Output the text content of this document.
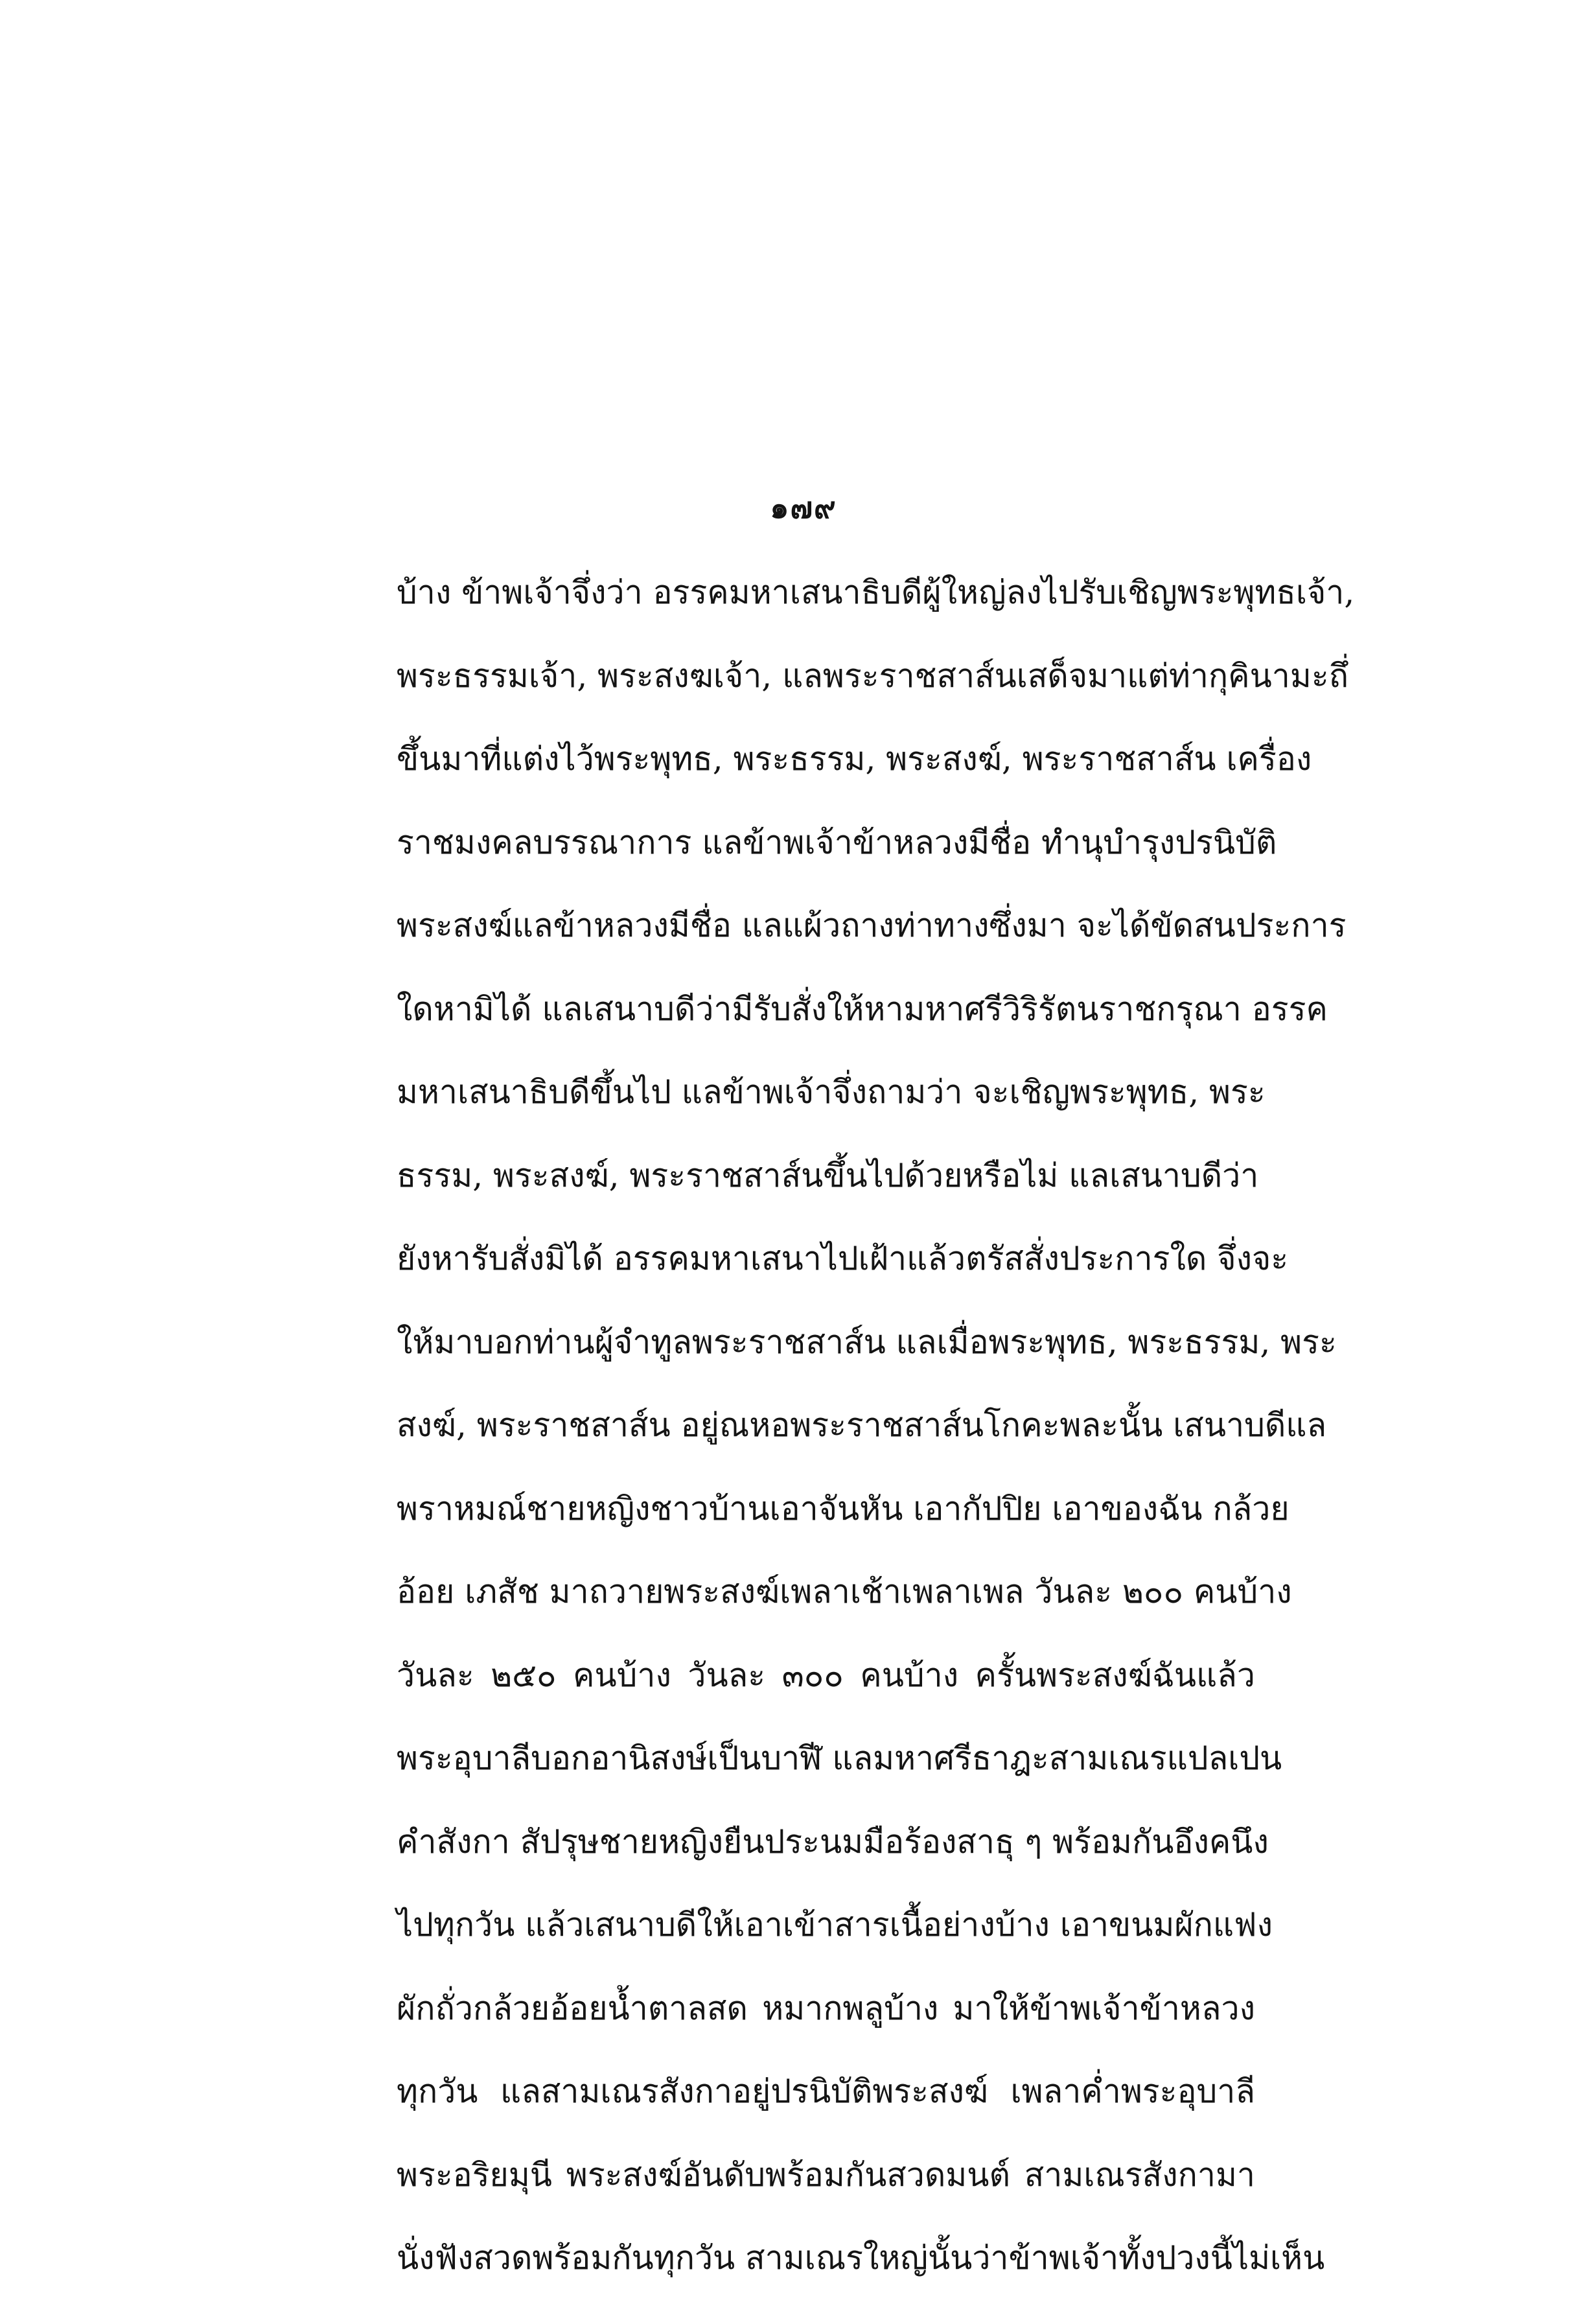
๑๗๙
บ้าง ข้าพเจ้าจึ่งว่า อรรคมหาเสนาธิบดีผู้ใหญ่ลงไปรับเชิญพระพุทธเจ้า,
พระธรรมเจ้า, พระสงฆเจ้า, แลพระราชสาส์นเสด็จมาแต่ท่ากุคินามะถึ่
ขึ้นมาที่แต่งไว้พระพุทธ, พระธรรม, พระสงฆ์, พระราชสาส์น เครื่อง
ราชมงคลบรรณาการ แลข้าพเจ้าข้าหลวงมีชื่อ ทำนุบำรุงปรนิบัติ
พระสงฆ์แลข้าหลวงมีชื่อ แลแผ้วถางท่าทางซึ่งมา จะได้ขัดสนประการ
ใดหามิได้ แลเสนาบดีว่ามีรับสั่งให้หามหาศรีวิริรัตนราชกรุณา อรรค
มหาเสนาธิบดีขึ้นไป แลข้าพเจ้าจึ่งถามว่า จะเชิญพระพุทธ, พระ
ธรรม, พระสงฆ์, พระราชสาส์นขึ้นไปด้วยหรือไม่ แลเสนาบดีว่า
ยังหารับสั่งมิได้ อรรคมหาเสนาไปเฝ้าแล้วตรัสสั่งประการใด จึ่งจะ
ให้มาบอกท่านผู้จำทูลพระราชสาส์น แลเมื่อพระพุทธ, พระธรรม, พระ
สงฆ์, พระราชสาส์น อยู่ณหอพระราชสาส์นโกคะพละนั้น เสนาบดีแล
พราหมณ์ชายหญิงชาวบ้านเอาจันหัน เอากัปปิย เอาของฉัน กล้วย
อ้อย เภสัช มาถวายพระสงฆ์เพลาเช้าเพลาเพล วันละ ๒๐๐ คนบ้าง
วันละ ๒๕๐ คนบ้าง วันละ ๓๐๐ คนบ้าง ครั้นพระสงฆ์ฉันแล้ว
พระอุบาลีบอกอานิสงษ์เป็นบาฬี แลมหาศรีธาฎะสามเณรแปลเปน
คำสังกา สัปรุษชายหญิงยืนประนมมือร้องสาธุ ๆ พร้อมกันอึงคนึง
ไปทุกวัน แล้วเสนาบดีให้เอาเข้าสารเนื้อย่างบ้าง เอาขนมผักแฟง
ผักถั่วกล้วยอ้อยน้ำตาลสด หมากพลูบ้าง มาให้ข้าพเจ้าข้าหลวง
ทุกวัน แลสามเณรสังกาอยู่ปรนิบัติพระสงฆ์ เพลาค่ำพระอุบาลี
พระอริยมุนี พระสงฆ์อันดับพร้อมกันสวดมนต์ สามเณรสังกามา
นั่งฟังสวดพร้อมกันทุกวัน สามเณรใหญ่นั้นว่าข้าพเจ้าทั้งปวงนี้ไม่เห็น
